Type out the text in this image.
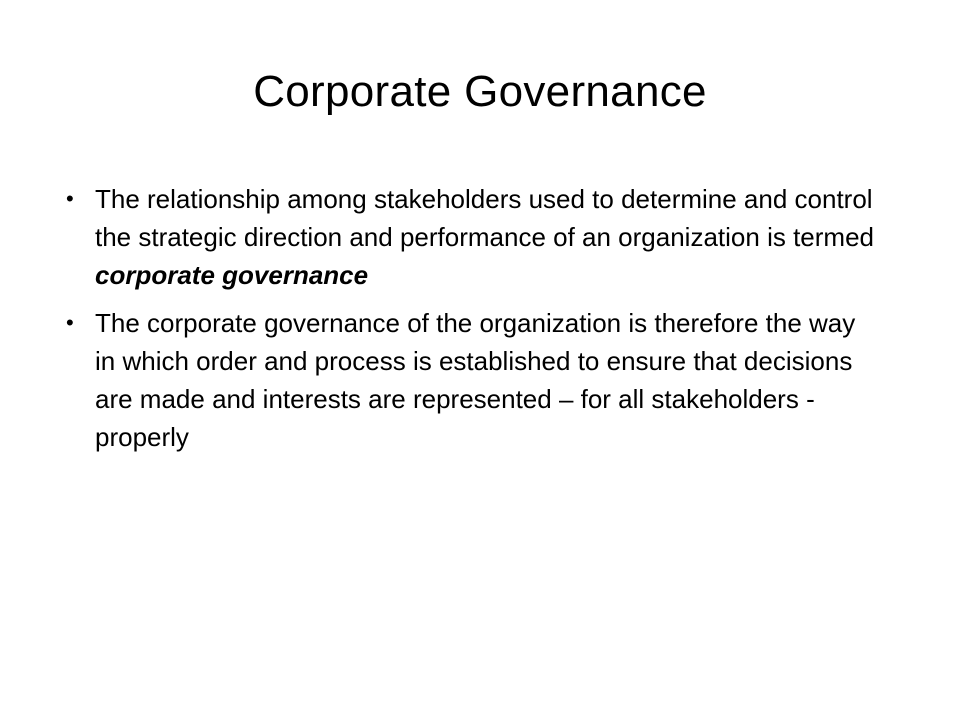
Corporate Governance
• The relationship among stakeholders used to determine and control the strategic direction and performance of an organization is termed corporate governance
• The corporate governance of the organization is therefore the way in which order and process is established to ensure that decisions are made and interests are represented – for all stakeholders - properly
